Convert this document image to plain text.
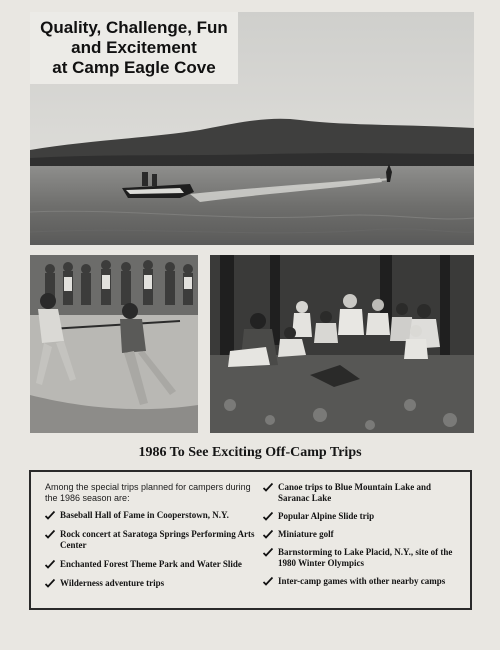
Quality, Challenge, Fun
and Excitement
at Camp Eagle Cove
1986 To See Exciting Off-Camp Trips

Among the special trips planned for campers during the 1986 season are:

Baseball Hall of Fame in Cooperstown, N.Y.
Rock concert at Saratoga Springs Performing Arts Center
Enchanted Forest Theme Park and Water Slide
Wilderness adventure trips
Canoe trips to Blue Mountain Lake and Saranac Lake
Popular Alpine Slide trip
Miniature golf
Barnstorming to Lake Placid, N.Y., site of the 1980 Winter Olympics
Inter-camp games with other nearby camps
